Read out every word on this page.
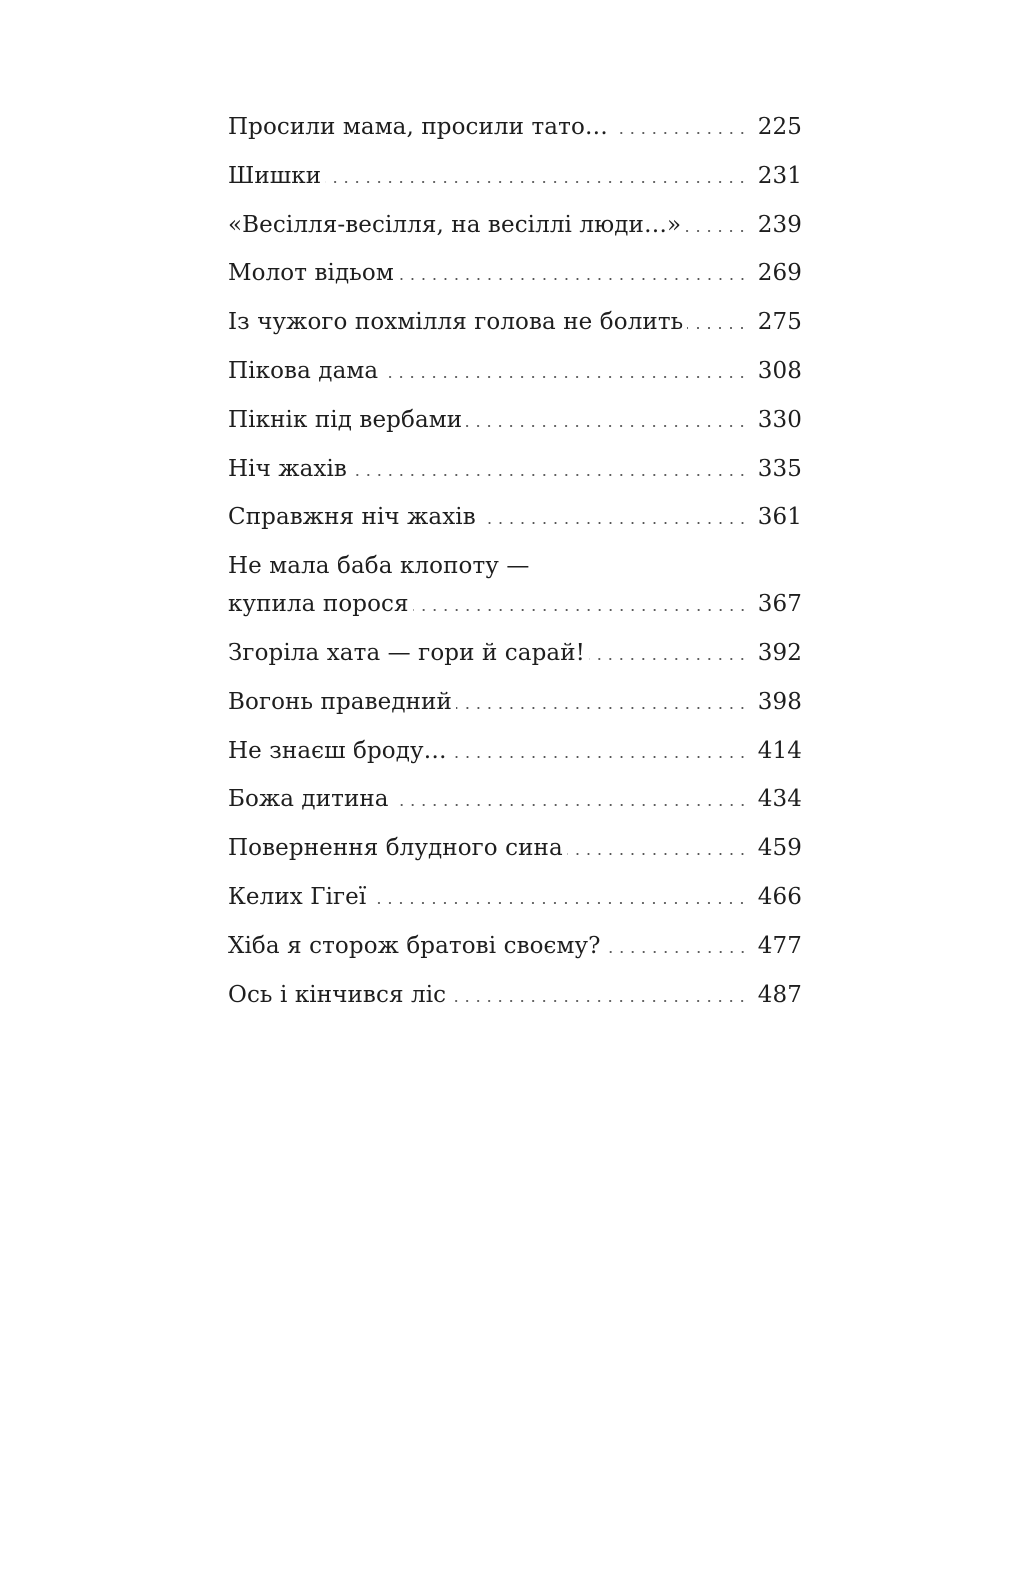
Просили мама, просили тато…	225
Шишки	231
«Весілля-весілля, на весіллі люди…»	239
Молот відьом	269
Із чужого похмілля голова не болить	275
Пікова дама	308
Пікнік під вербами	330
Ніч жахів	335
Справжня ніч жахів	361
Не мала баба клопоту —
купила порося	367
Згоріла хата — гори й сарай!	392
Вогонь праведний	398
Не знаєш броду…	414
Божа дитина	434
Повернення блудного сина	459
Келих Гігеї	466
Хіба я сторож братові своєму?	477
Ось і кінчився ліс	487
